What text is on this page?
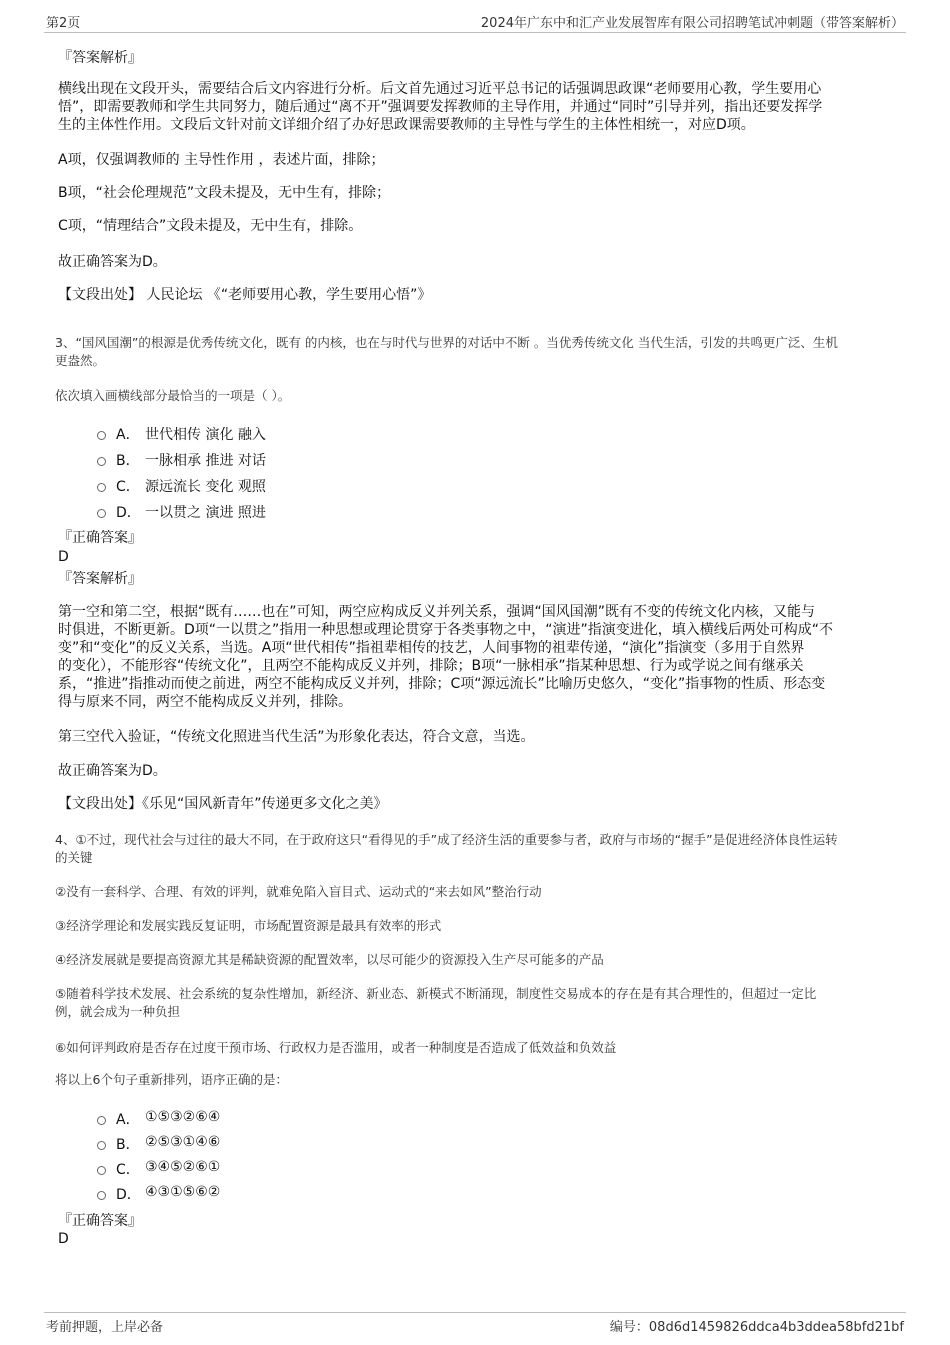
第2页	2024年广东中和汇产业发展智库有限公司招聘笔试冲刺题（带答案解析）
『答案解析』
横线出现在文段开头，需要结合后文内容进行分析。后文首先通过习近平总书记的话强调思政课“老师要用心教，学生要用心
悟”，即需要教师和学生共同努力，随后通过“离不开”强调要发挥教师的主导作用，并通过“同时”引导并列，指出还要发挥学
生的主体性作用。文段后文针对前文详细介绍了办好思政课需要教师的主导性与学生的主体性相统一，对应D项。
A项，仅强调教师的 主导性作用 ，表述片面，排除；
B项，“社会伦理规范”文段未提及，无中生有，排除；
C项，“情理结合”文段未提及，无中生有，排除。
故正确答案为D。
【文段出处】 人民论坛 《“老师要用心教，学生要用心悟”》
3、“国风国潮”的根源是优秀传统文化，既有 的内核，也在与时代与世界的对话中不断 。当优秀传统文化 当代生活，引发的共鸣更广泛、生机
更盎然。
依次填入画横线部分最恰当的一项是（ ）。
A． 世代相传 演化 融入
B． 一脉相承 推进 对话
C． 源远流长 变化 观照
D． 一以贯之 演进 照进
『正确答案』
D
『答案解析』
第一空和第二空，根据“既有……也在”可知，两空应构成反义并列关系，强调“国风国潮”既有不变的传统文化内核，又能与
时俱进，不断更新。D项“一以贯之”指用一种思想或理论贯穿于各类事物之中，“演进”指演变进化，填入横线后两处可构成“不
变”和“变化”的反义关系，当选。A项“世代相传”指祖辈相传的技艺，人间事物的祖辈传递，“演化”指演变（多用于自然界
的变化），不能形容“传统文化”，且两空不能构成反义并列，排除；B项“一脉相承”指某种思想、行为或学说之间有继承关
系，“推进”指推动而使之前进，两空不能构成反义并列，排除；C项“源远流长”比喻历史悠久，“变化”指事物的性质、形态变
得与原来不同，两空不能构成反义并列，排除。
第三空代入验证，“传统文化照进当代生活”为形象化表达，符合文意，当选。
故正确答案为D。
【文段出处】《乐见“国风新青年”传递更多文化之美》
4、①不过，现代社会与过往的最大不同，在于政府这只“看得见的手”成了经济生活的重要参与者，政府与市场的“握手”是促进经济体良性运转
的关键
②没有一套科学、合理、有效的评判，就难免陷入盲目式、运动式的“来去如风”整治行动
③经济学理论和发展实践反复证明，市场配置资源是最具有效率的形式
④经济发展就是要提高资源尤其是稀缺资源的配置效率，以尽可能少的资源投入生产尽可能多的产品
⑤随着科学技术发展、社会系统的复杂性增加，新经济、新业态、新模式不断涌现，制度性交易成本的存在是有其合理性的，但超过一定比
例，就会成为一种负担
⑥如何评判政府是否存在过度干预市场、行政权力是否滥用，或者一种制度是否造成了低效益和负效益
将以上6个句子重新排列，语序正确的是：
A． ①⑤③②⑥④
B． ②⑤③①④⑥
C． ③④⑤②⑥①
D． ④③①⑤⑥②
『正确答案』
D
考前押题，上岸必备	编号：08d6d1459826ddca4b3ddea58bfd21bf
